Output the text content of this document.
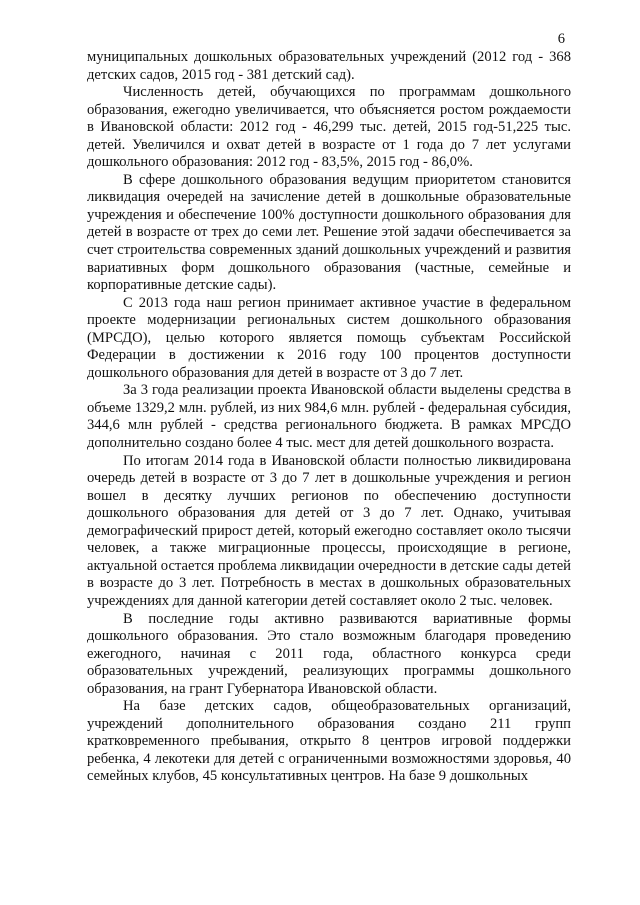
6

муниципальных дошкольных образовательных учреждений (2012 год - 368 детских садов, 2015 год - 381 детский сад).

Численность детей, обучающихся по программам дошкольного образования, ежегодно увеличивается, что объясняется ростом рождаемости в Ивановской области: 2012 год - 46,299 тыс. детей, 2015 год-51,225 тыс. детей. Увеличился и охват детей в возрасте от 1 года до 7 лет услугами дошкольного образования: 2012 год - 83,5%, 2015 год - 86,0%.

В сфере дошкольного образования ведущим приоритетом становится ликвидация очередей на зачисление детей в дошкольные образовательные учреждения и обеспечение 100% доступности дошкольного образования для детей в возрасте от трех до семи лет. Решение этой задачи обеспечивается за счет строительства современных зданий дошкольных учреждений и развития вариативных форм дошкольного образования (частные, семейные и корпоративные детские сады).

С 2013 года наш регион принимает активное участие в федеральном проекте модернизации региональных систем дошкольного образования (МРСДО), целью которого является помощь субъектам Российской Федерации в достижении к 2016 году 100 процентов доступности дошкольного образования для детей в возрасте от 3 до 7 лет.

За 3 года реализации проекта Ивановской области выделены средства в объеме 1329,2 млн. рублей, из них 984,6 млн. рублей - федеральная субсидия, 344,6 млн рублей - средства регионального бюджета. В рамках МРСДО дополнительно создано более 4 тыс. мест для детей дошкольного возраста.

По итогам 2014 года в Ивановской области полностью ликвидирована очередь детей в возрасте от 3 до 7 лет в дошкольные учреждения и регион вошел в десятку лучших регионов по обеспечению доступности дошкольного образования для детей от 3 до 7 лет. Однако, учитывая демографический прирост детей, который ежегодно составляет около тысячи человек, а также миграционные процессы, происходящие в регионе, актуальной остается проблема ликвидации очередности в детские сады детей в возрасте до 3 лет. Потребность в местах в дошкольных образовательных учреждениях для данной категории детей составляет около 2 тыс. человек.

В последние годы активно развиваются вариативные формы дошкольного образования. Это стало возможным благодаря проведению ежегодного, начиная с 2011 года, областного конкурса среди образовательных учреждений, реализующих программы дошкольного образования, на грант Губернатора Ивановской области.

На базе детских садов, общеобразовательных организаций, учреждений дополнительного образования создано 211 групп кратковременного пребывания, открыто 8 центров игровой поддержки ребенка, 4 лекотеки для детей с ограниченными возможностями здоровья, 40 семейных клубов, 45 консультативных центров. На базе 9 дошкольных
